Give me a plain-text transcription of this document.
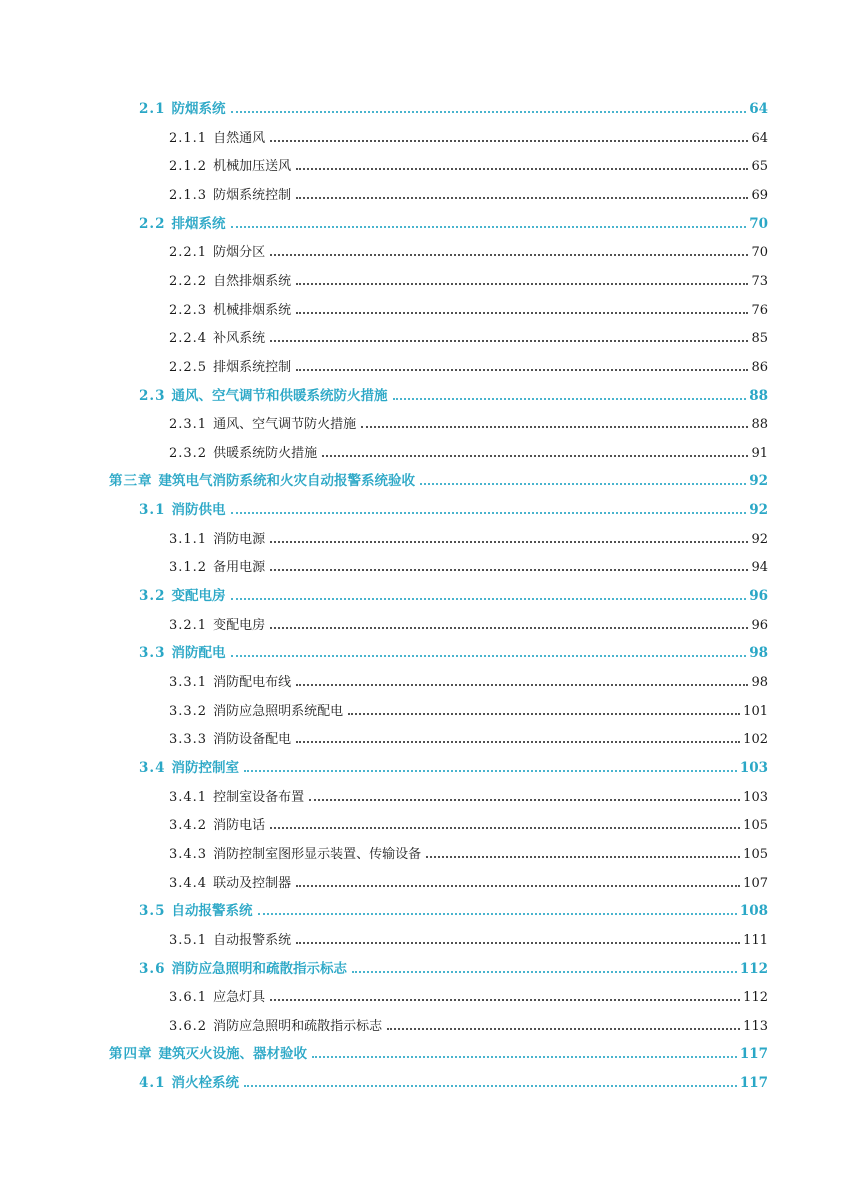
2.1 防烟系统	64
2.1.1 自然通风	64
2.1.2 机械加压送风	65
2.1.3 防烟系统控制	69
2.2 排烟系统	70
2.2.1 防烟分区	70
2.2.2 自然排烟系统	73
2.2.3 机械排烟系统	76
2.2.4 补风系统	85
2.2.5 排烟系统控制	86
2.3 通风、空气调节和供暖系统防火措施	88
2.3.1 通风、空气调节防火措施	88
2.3.2 供暖系统防火措施	91
第三章 建筑电气消防系统和火灾自动报警系统验收	92
3.1 消防供电	92
3.1.1 消防电源	92
3.1.2 备用电源	94
3.2 变配电房	96
3.2.1 变配电房	96
3.3 消防配电	98
3.3.1 消防配电布线	98
3.3.2 消防应急照明系统配电	101
3.3.3 消防设备配电	102
3.4 消防控制室	103
3.4.1 控制室设备布置	103
3.4.2 消防电话	105
3.4.3 消防控制室图形显示装置、传输设备	105
3.4.4 联动及控制器	107
3.5 自动报警系统	108
3.5.1 自动报警系统	111
3.6 消防应急照明和疏散指示标志	112
3.6.1 应急灯具	112
3.6.2 消防应急照明和疏散指示标志	113
第四章 建筑灭火设施、器材验收	117
4.1 消火栓系统	117
